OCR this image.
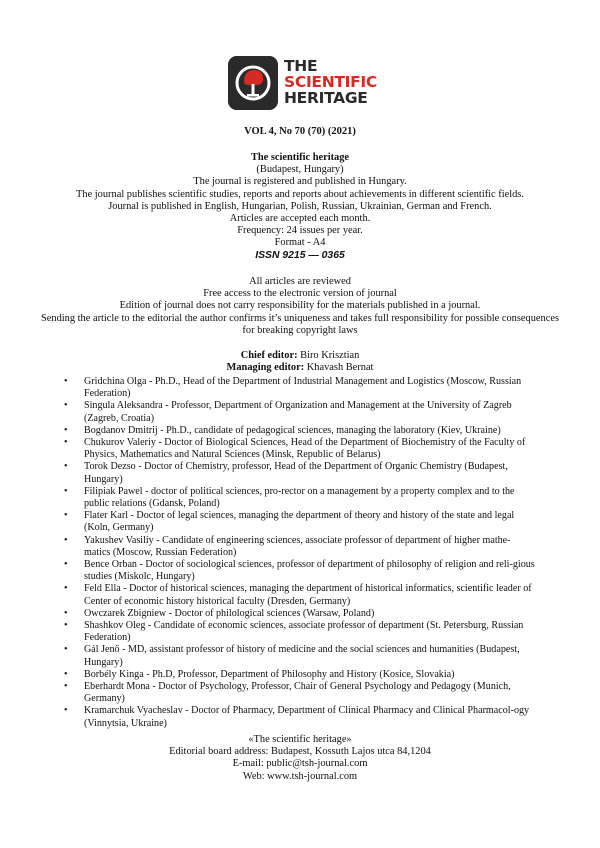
THE
SCIENTIFIC
HERITAGE
VOL 4, No 70 (70) (2021)
The scientific heritage
(Budapest, Hungary)
The journal is registered and published in Hungary.
The journal publishes scientific studies, reports and reports about achievements in different scientific fields.
Journal is published in English, Hungarian, Polish, Russian, Ukrainian, German and French.
Articles are accepted each month.
Frequency: 24 issues per year.
Format - A4
ISSN 9215 — 0365
All articles are reviewed
Free access to the electronic version of journal
Edition of journal does not carry responsibility for the materials published in a journal.
Sending the article to the editorial the author confirms it’s uniqueness and takes full responsibility for possible consequences for breaking copyright laws
Chief editor: Biro Krisztian
Managing editor: Khavash Bernat
• Gridchina Olga - Ph.D., Head of the Department of Industrial Management and Logistics (Moscow, Russian Federation)
• Singula Aleksandra - Professor, Department of Organization and Management at the University of Zagreb (Zagreb, Croatia)
• Bogdanov Dmitrij - Ph.D., candidate of pedagogical sciences, managing the laboratory (Kiev, Ukraine)
• Chukurov Valeriy - Doctor of Biological Sciences, Head of the Department of Biochemistry of the Faculty of Physics, Mathematics and Natural Sciences (Minsk, Republic of Belarus)
• Torok Dezso - Doctor of Chemistry, professor, Head of the Department of Organic Chemistry (Budapest, Hungary)
• Filipiak Pawel - doctor of political sciences, pro-rector on a management by a property complex and to the public relations (Gdansk, Poland)
• Flater Karl - Doctor of legal sciences, managing the department of theory and history of the state and legal (Koln, Germany)
• Yakushev Vasiliy - Candidate of engineering sciences, associate professor of department of higher mathe-matics (Moscow, Russian Federation)
• Bence Orban - Doctor of sociological sciences, professor of department of philosophy of religion and reli-gious studies (Miskolc, Hungary)
• Feld Ella - Doctor of historical sciences, managing the department of historical informatics, scientific leader of Center of economic history historical faculty (Dresden, Germany)
• Owczarek Zbigniew - Doctor of philological sciences (Warsaw, Poland)
• Shashkov Oleg - Candidate of economic sciences, associate professor of department (St. Petersburg, Russian Federation)
• Gál Jenő - MD, assistant professor of history of medicine and the social sciences and humanities (Budapest, Hungary)
• Borbély Kinga - Ph.D, Professor, Department of Philosophy and History (Kosice, Slovakia)
• Eberhardt Mona - Doctor of Psychology, Professor, Chair of General Psychology and Pedagogy (Munich, Germany)
• Kramarchuk Vyacheslav - Doctor of Pharmacy, Department of Clinical Pharmacy and Clinical Pharmacol-ogy (Vinnytsia, Ukraine)
«The scientific heritage»
Editorial board address: Budapest, Kossuth Lajos utca 84,1204
E-mail: public@tsh-journal.com
Web: www.tsh-journal.com
